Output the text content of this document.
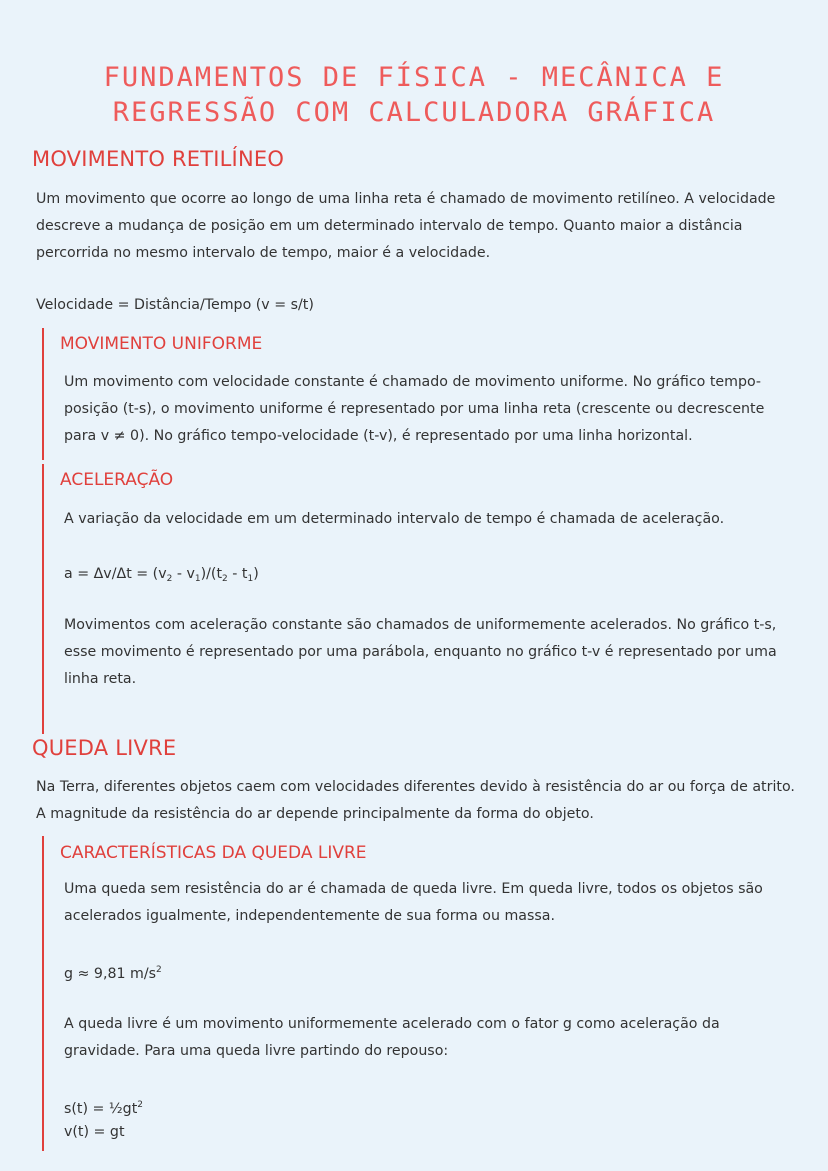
FUNDAMENTOS DE FÍSICA - MECÂNICA E
REGRESSÃO COM CALCULADORA GRÁFICA
MOVIMENTO RETILÍNEO

Um movimento que ocorre ao longo de uma linha reta é chamado de movimento retilíneo. A velocidade descreve a mudança de posição em um determinado intervalo de tempo. Quanto maior a distância percorrida no mesmo intervalo de tempo, maior é a velocidade.

Velocidade = Distância/Tempo (v = s/t)

MOVIMENTO UNIFORME

Um movimento com velocidade constante é chamado de movimento uniforme. No gráfico tempo-posição (t-s), o movimento uniforme é representado por uma linha reta (crescente ou decrescente para v ≠ 0). No gráfico tempo-velocidade (t-v), é representado por uma linha horizontal.

ACELERAÇÃO

A variação da velocidade em um determinado intervalo de tempo é chamada de aceleração.

$a = \Delta v/\Delta t = (v_2 - v_1)/(t_2 - t_1)$

Movimentos com aceleração constante são chamados de uniformemente acelerados. No gráfico t-s, esse movimento é representado por uma parábola, enquanto no gráfico t-v é representado por uma linha reta.

QUEDA LIVRE

Na Terra, diferentes objetos caem com velocidades diferentes devido à resistência do ar ou força de atrito. A magnitude da resistência do ar depende principalmente da forma do objeto.

CARACTERÍSTICAS DA QUEDA LIVRE

Uma queda sem resistência do ar é chamada de queda livre. Em queda livre, todos os objetos são acelerados igualmente, independentemente de sua forma ou massa.

g ≈ 9,81 $m/s^2$

A queda livre é um movimento uniformemente acelerado com o fator g como aceleração da gravidade. Para uma queda livre partindo do repouso:

$s(t) = \frac{1}{2}gt^2$

v(t) = gt
